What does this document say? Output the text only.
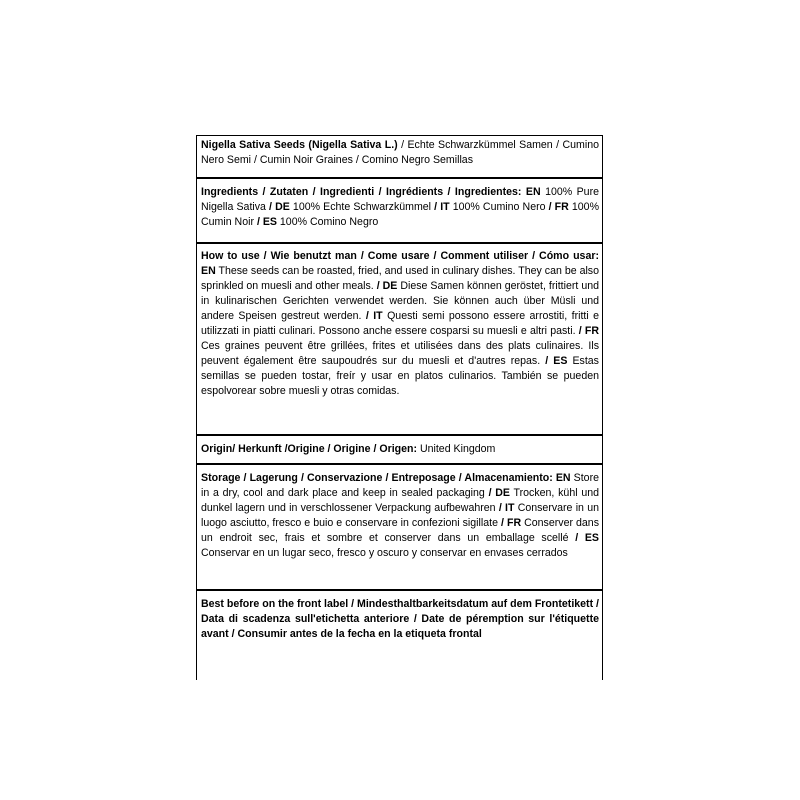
Nigella Sativa Seeds (Nigella Sativa L.) / Echte Schwarzkümmel Samen / Cumino Nero Semi / Cumin Noir Graines / Comino Negro Semillas
Ingredients / Zutaten / Ingredienti / Ingrédients / Ingredientes: EN 100% Pure Nigella Sativa / DE 100% Echte Schwarzkümmel / IT 100% Cumino Nero / FR 100% Cumin Noir / ES 100% Comino Negro
How to use / Wie benutzt man / Come usare / Comment utiliser / Cómo usar: EN These seeds can be roasted, fried, and used in culinary dishes. They can be also sprinkled on muesli and other meals. / DE Diese Samen können geröstet, frittiert und in kulinarischen Gerichten verwendet werden. Sie können auch über Müsli und andere Speisen gestreut werden. / IT Questi semi possono essere arrostiti, fritti e utilizzati in piatti culinari. Possono anche essere cosparsi su muesli e altri pasti. / FR Ces graines peuvent être grillées, frites et utilisées dans des plats culinaires. Ils peuvent également être saupoudrés sur du muesli et d'autres repas. / ES Estas semillas se pueden tostar, freír y usar en platos culinarios. También se pueden espolvorear sobre muesli y otras comidas.
Origin/ Herkunft /Origine / Origine / Origen: United Kingdom
Storage / Lagerung / Conservazione / Entreposage / Almacenamiento: EN Store in a dry, cool and dark place and keep in sealed packaging / DE Trocken, kühl und dunkel lagern und in verschlossener Verpackung aufbewahren / IT Conservare in un luogo asciutto, fresco e buio e conservare in confezioni sigillate / FR Conserver dans un endroit sec, frais et sombre et conserver dans un emballage scellé / ES Conservar en un lugar seco, fresco y oscuro y conservar en envases cerrados
Best before on the front label / Mindesthaltbarkeitsdatum auf dem Frontetikett / Data di scadenza sull'etichetta anteriore / Date de péremption sur l'étiquette avant / Consumir antes de la fecha en la etiqueta frontal
